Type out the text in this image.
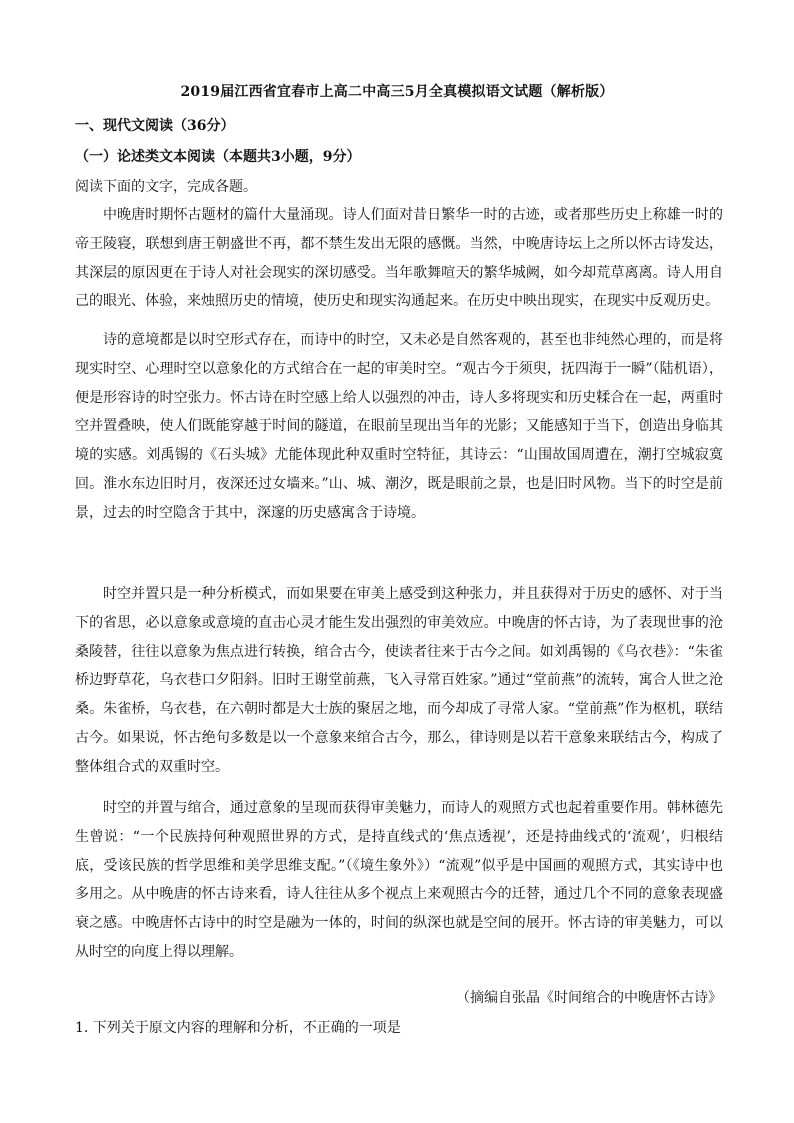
2019届江西省宜春市上高二中高三5月全真模拟语文试题（解析版）
一、现代文阅读（36分）
（一）论述类文本阅读（本题共3小题，9分）
阅读下面的文字，完成各题。

中晚唐时期怀古题材的篇什大量涌现。诗人们面对昔日繁华一时的古迹，或者那些历史上称雄一时的帝王陵寝，联想到唐王朝盛世不再，都不禁生发出无限的感慨。当然，中晚唐诗坛上之所以怀古诗发达，其深层的原因更在于诗人对社会现实的深切感受。当年歌舞喧天的繁华城阙，如今却荒草离离。诗人用自己的眼光、体验，来烛照历史的情境，使历史和现实沟通起来。在历史中映出现实，在现实中反观历史。

诗的意境都是以时空形式存在，而诗中的时空，又未必是自然客观的，甚至也非纯然心理的，而是将现实时空、心理时空以意象化的方式绾合在一起的审美时空。“观古今于须臾，抚四海于一瞬”（陆机语），便是形容诗的时空张力。怀古诗在时空感上给人以强烈的冲击，诗人多将现实和历史糅合在一起，两重时空并置叠映，使人们既能穿越于时间的隧道，在眼前呈现出当年的光影；又能感知于当下，创造出身临其境的实感。刘禹锡的《石头城》尤能体现此种双重时空特征，其诗云：“山围故国周遭在，潮打空城寂寞回。淮水东边旧时月，夜深还过女墙来。”山、城、潮汐，既是眼前之景，也是旧时风物。当下的时空是前景，过去的时空隐含于其中，深邃的历史感寓含于诗境。

时空并置只是一种分析模式，而如果要在审美上感受到这种张力，并且获得对于历史的感怀、对于当下的省思，必以意象或意境的直击心灵才能生发出强烈的审美效应。中晚唐的怀古诗，为了表现世事的沧桑陵替，往往以意象为焦点进行转换，绾合古今，使读者往来于古今之间。如刘禹锡的《乌衣巷》：“朱雀桥边野草花，乌衣巷口夕阳斜。旧时王谢堂前燕，飞入寻常百姓家。”通过“堂前燕”的流转，寓合人世之沧桑。朱雀桥，乌衣巷，在六朝时都是大士族的聚居之地，而今却成了寻常人家。“堂前燕”作为枢机，联结古今。如果说，怀古绝句多数是以一个意象来绾合古今，那么，律诗则是以若干意象来联结古今，构成了整体组合式的双重时空。

时空的并置与绾合，通过意象的呈现而获得审美魅力，而诗人的观照方式也起着重要作用。韩林德先生曾说：“一个民族持何种观照世界的方式，是持直线式的‘焦点透视’，还是持曲线式的‘流观’，归根结底，受该民族的哲学思维和美学思维支配。”（《境生象外》）“流观”似乎是中国画的观照方式，其实诗中也多用之。从中晚唐的怀古诗来看，诗人往往从多个视点上来观照古今的迁替，通过几个不同的意象表现盛衰之感。中晚唐怀古诗中的时空是融为一体的，时间的纵深也就是空间的展开。怀古诗的审美魅力，可以从时空的向度上得以理解。

（摘编自张晶《时间绾合的中晚唐怀古诗》
1. 下列关于原文内容的理解和分析，不正确的一项是
